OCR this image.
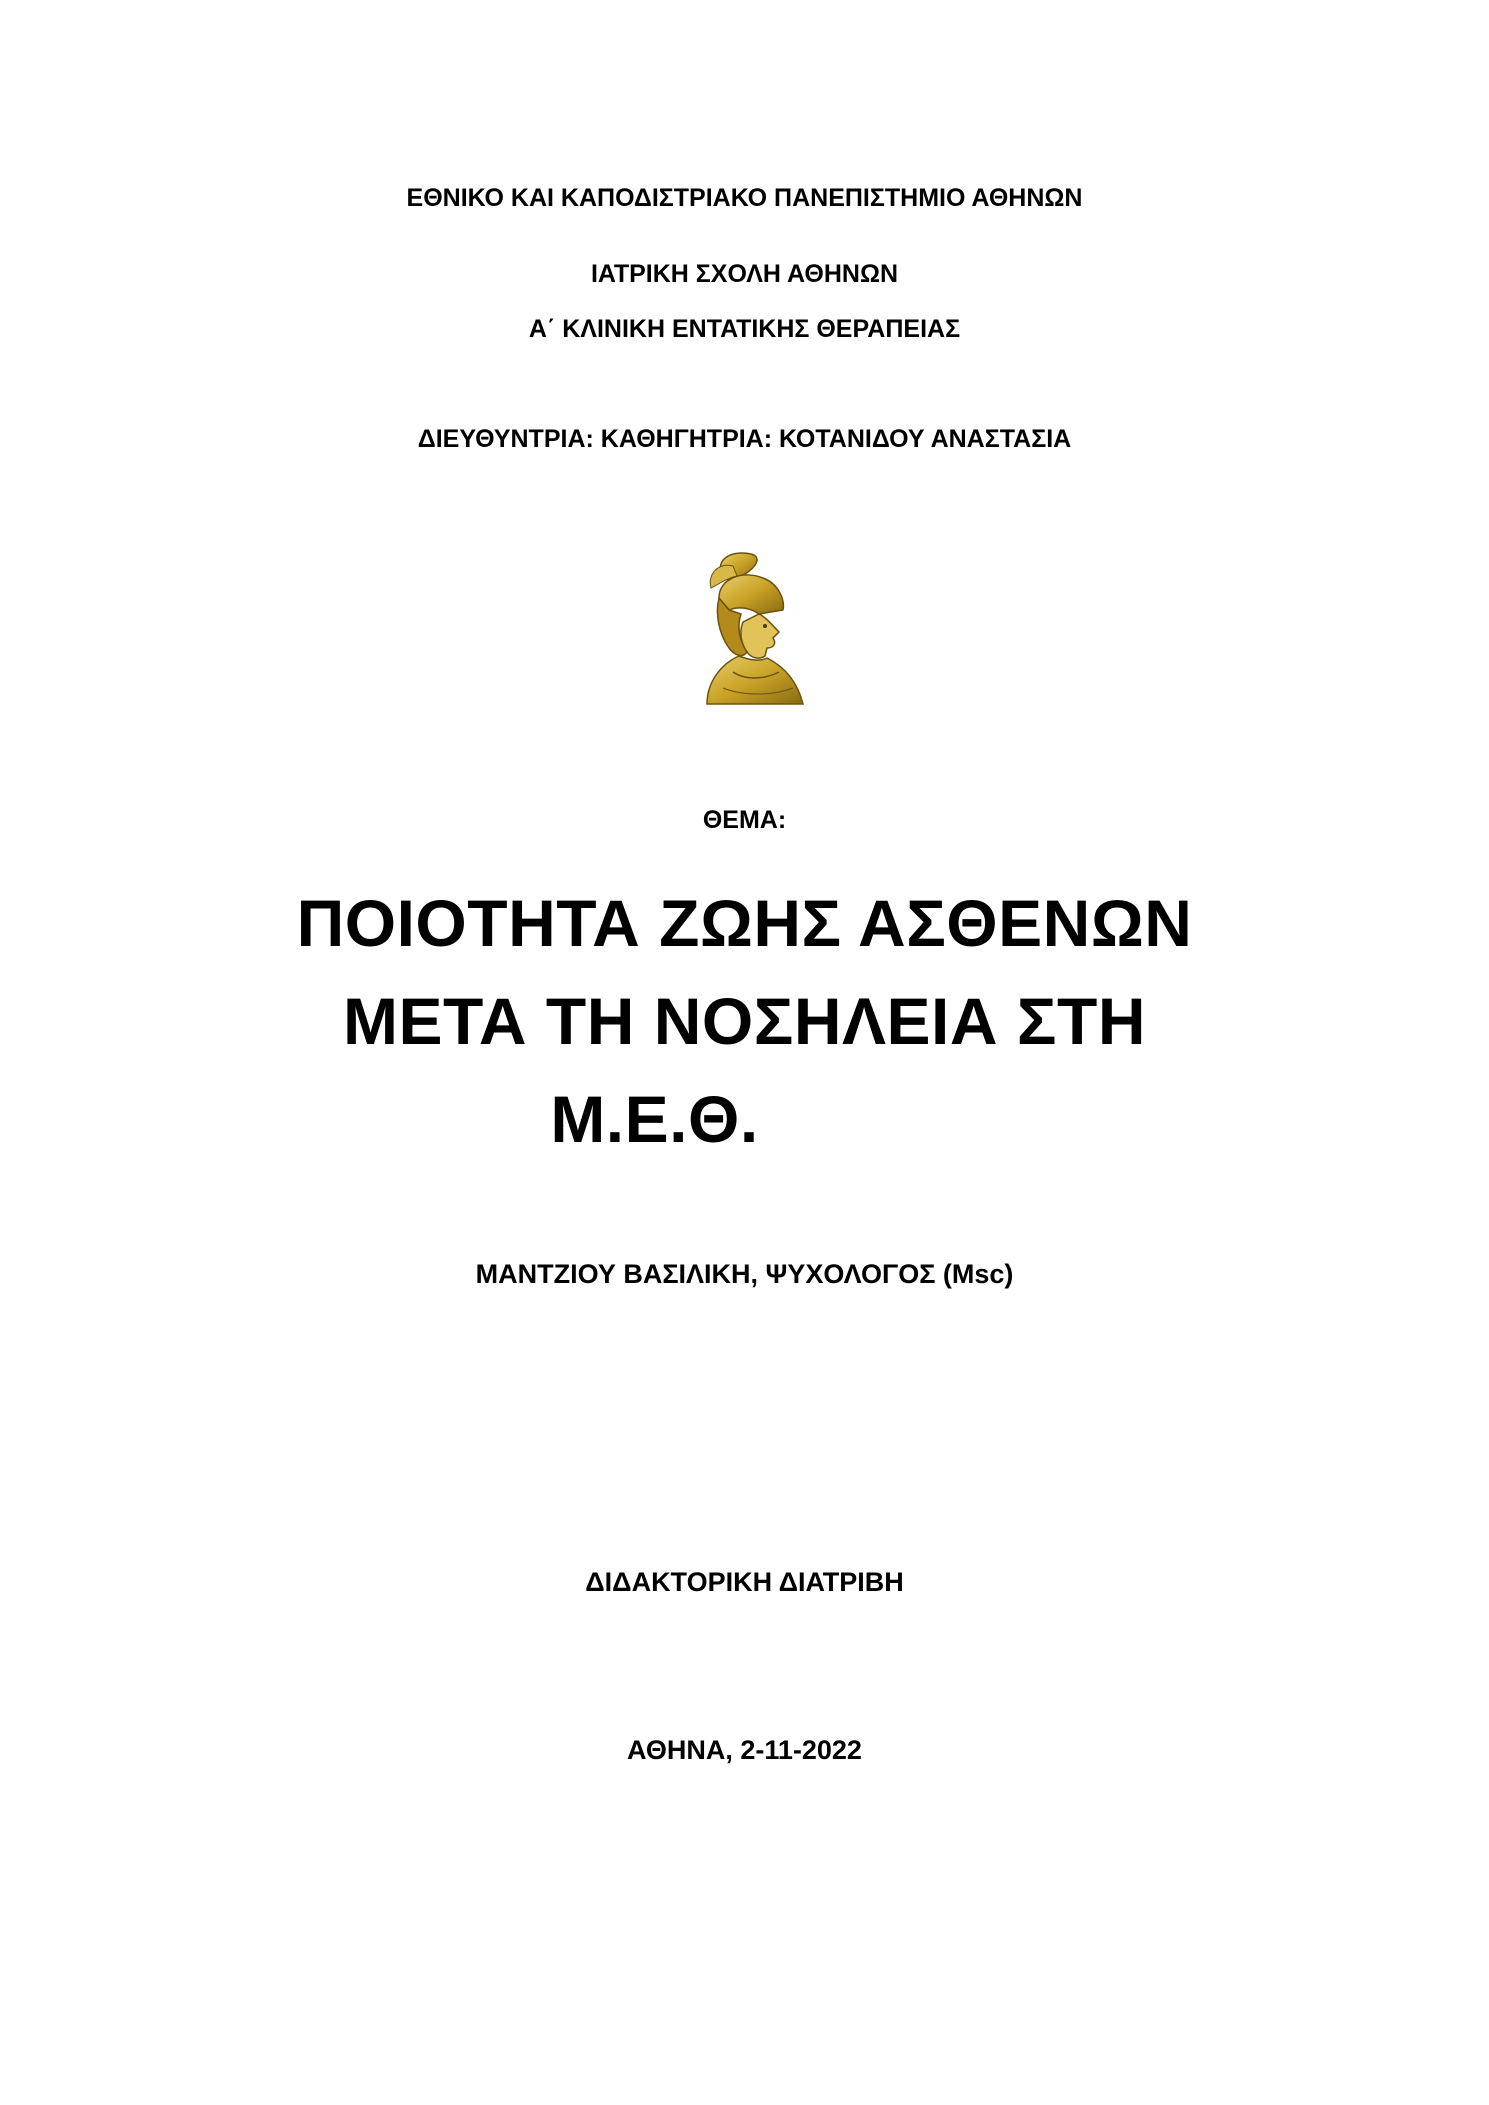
ΕΘΝΙΚΟ ΚΑΙ ΚΑΠΟΔΙΣΤΡΙΑΚΟ ΠΑΝΕΠΙΣΤΗΜΙΟ ΑΘΗΝΩΝ
ΙΑΤΡΙΚΗ ΣΧΟΛΗ ΑΘΗΝΩΝ
Α΄ ΚΛΙΝΙΚΗ ΕΝΤΑΤΙΚΗΣ ΘΕΡΑΠΕΙΑΣ
ΔΙΕΥΘΥΝΤΡΙΑ: ΚΑΘΗΓΗΤΡΙΑ: ΚΟΤΑΝΙΔΟΥ ΑΝΑΣΤΑΣΙΑ
ΘΕΜΑ:
ΠΟΙΟΤΗΤΑ ΖΩΗΣ ΑΣΘΕΝΩΝ
ΜΕΤΑ ΤΗ ΝΟΣΗΛΕΙΑ ΣΤΗ
Μ.Ε.Θ.
ΜΑΝΤΖΙΟΥ ΒΑΣΙΛΙΚΗ, ΨΥΧΟΛΟΓΟΣ (Msc)
ΔΙΔΑΚΤΟΡΙΚΗ ΔΙΑΤΡΙΒΗ
ΑΘΗΝΑ, 2-11-2022
